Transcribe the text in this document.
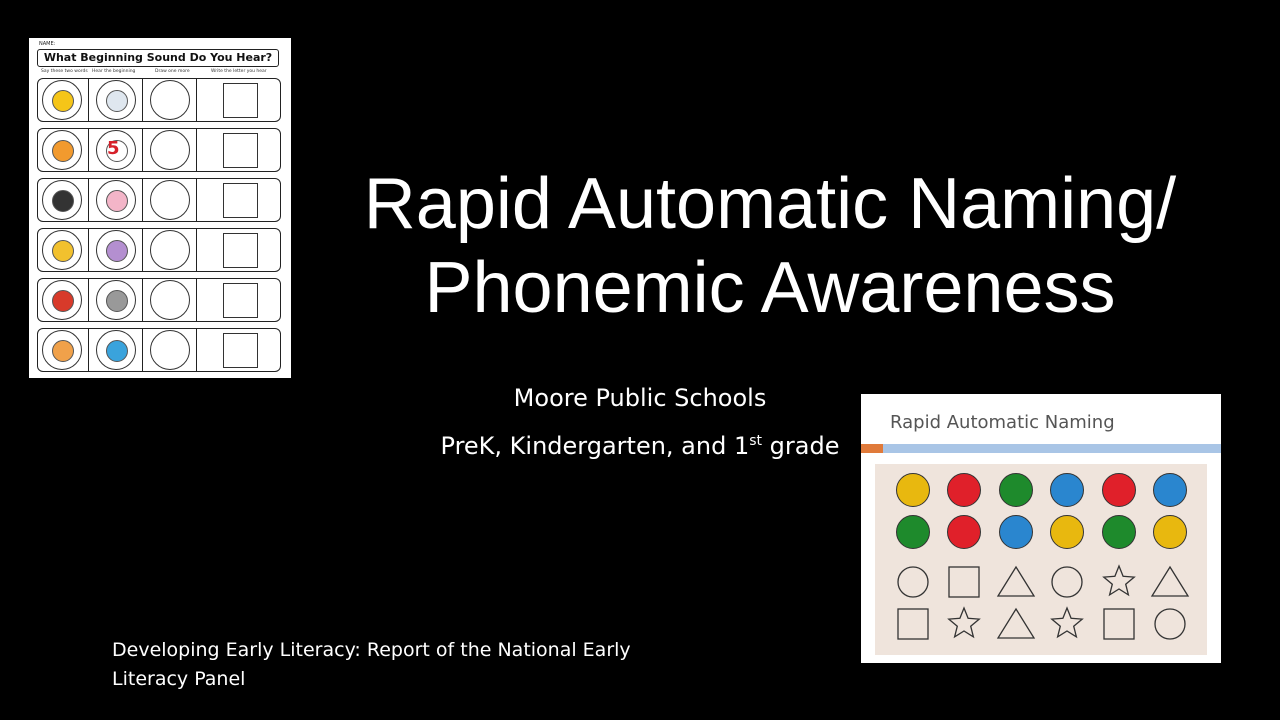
NAME:
What Beginning Sound Do You Hear?
Say these two words Hear the beginning	Draw one more	Write the letter you hear
5
Rapid Automatic Naming/
Phonemic Awareness
Moore Public Schools
PreK, Kindergarten, and 1st grade
Developing Early Literacy: Report of the National Early
Literacy Panel
Rapid Automatic Naming
